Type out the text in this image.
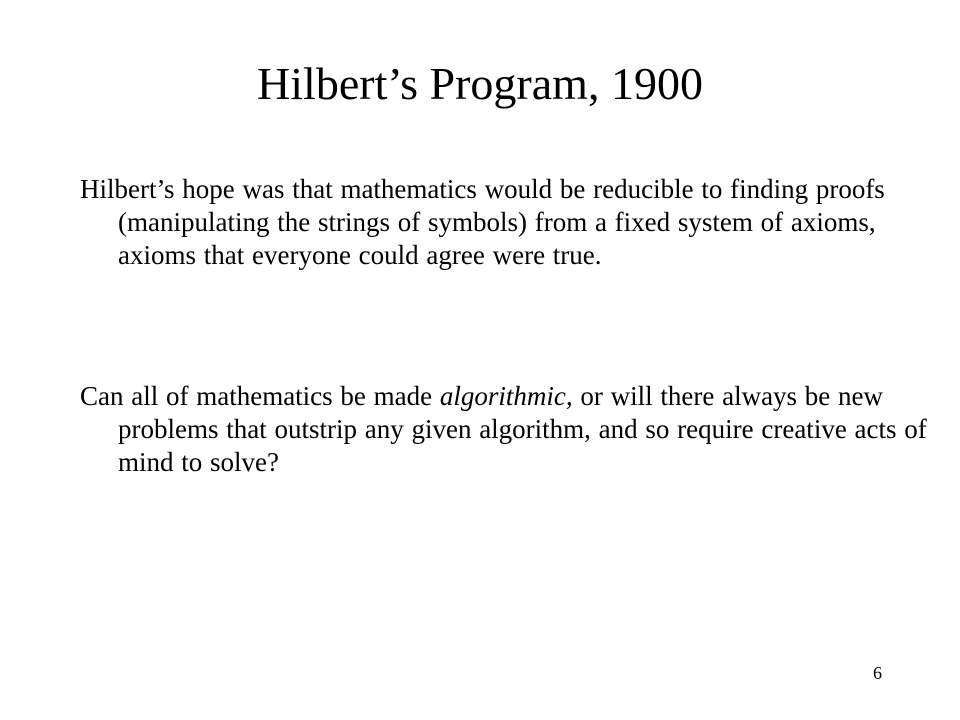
Hilbert’s Program, 1900

Hilbert’s hope was that mathematics would be reducible to finding proofs (manipulating the strings of symbols) from a fixed system of axioms, axioms that everyone could agree were true.

Can all of mathematics be made algorithmic, or will there always be new problems that outstrip any given algorithm, and so require creative acts of mind to solve?

6
